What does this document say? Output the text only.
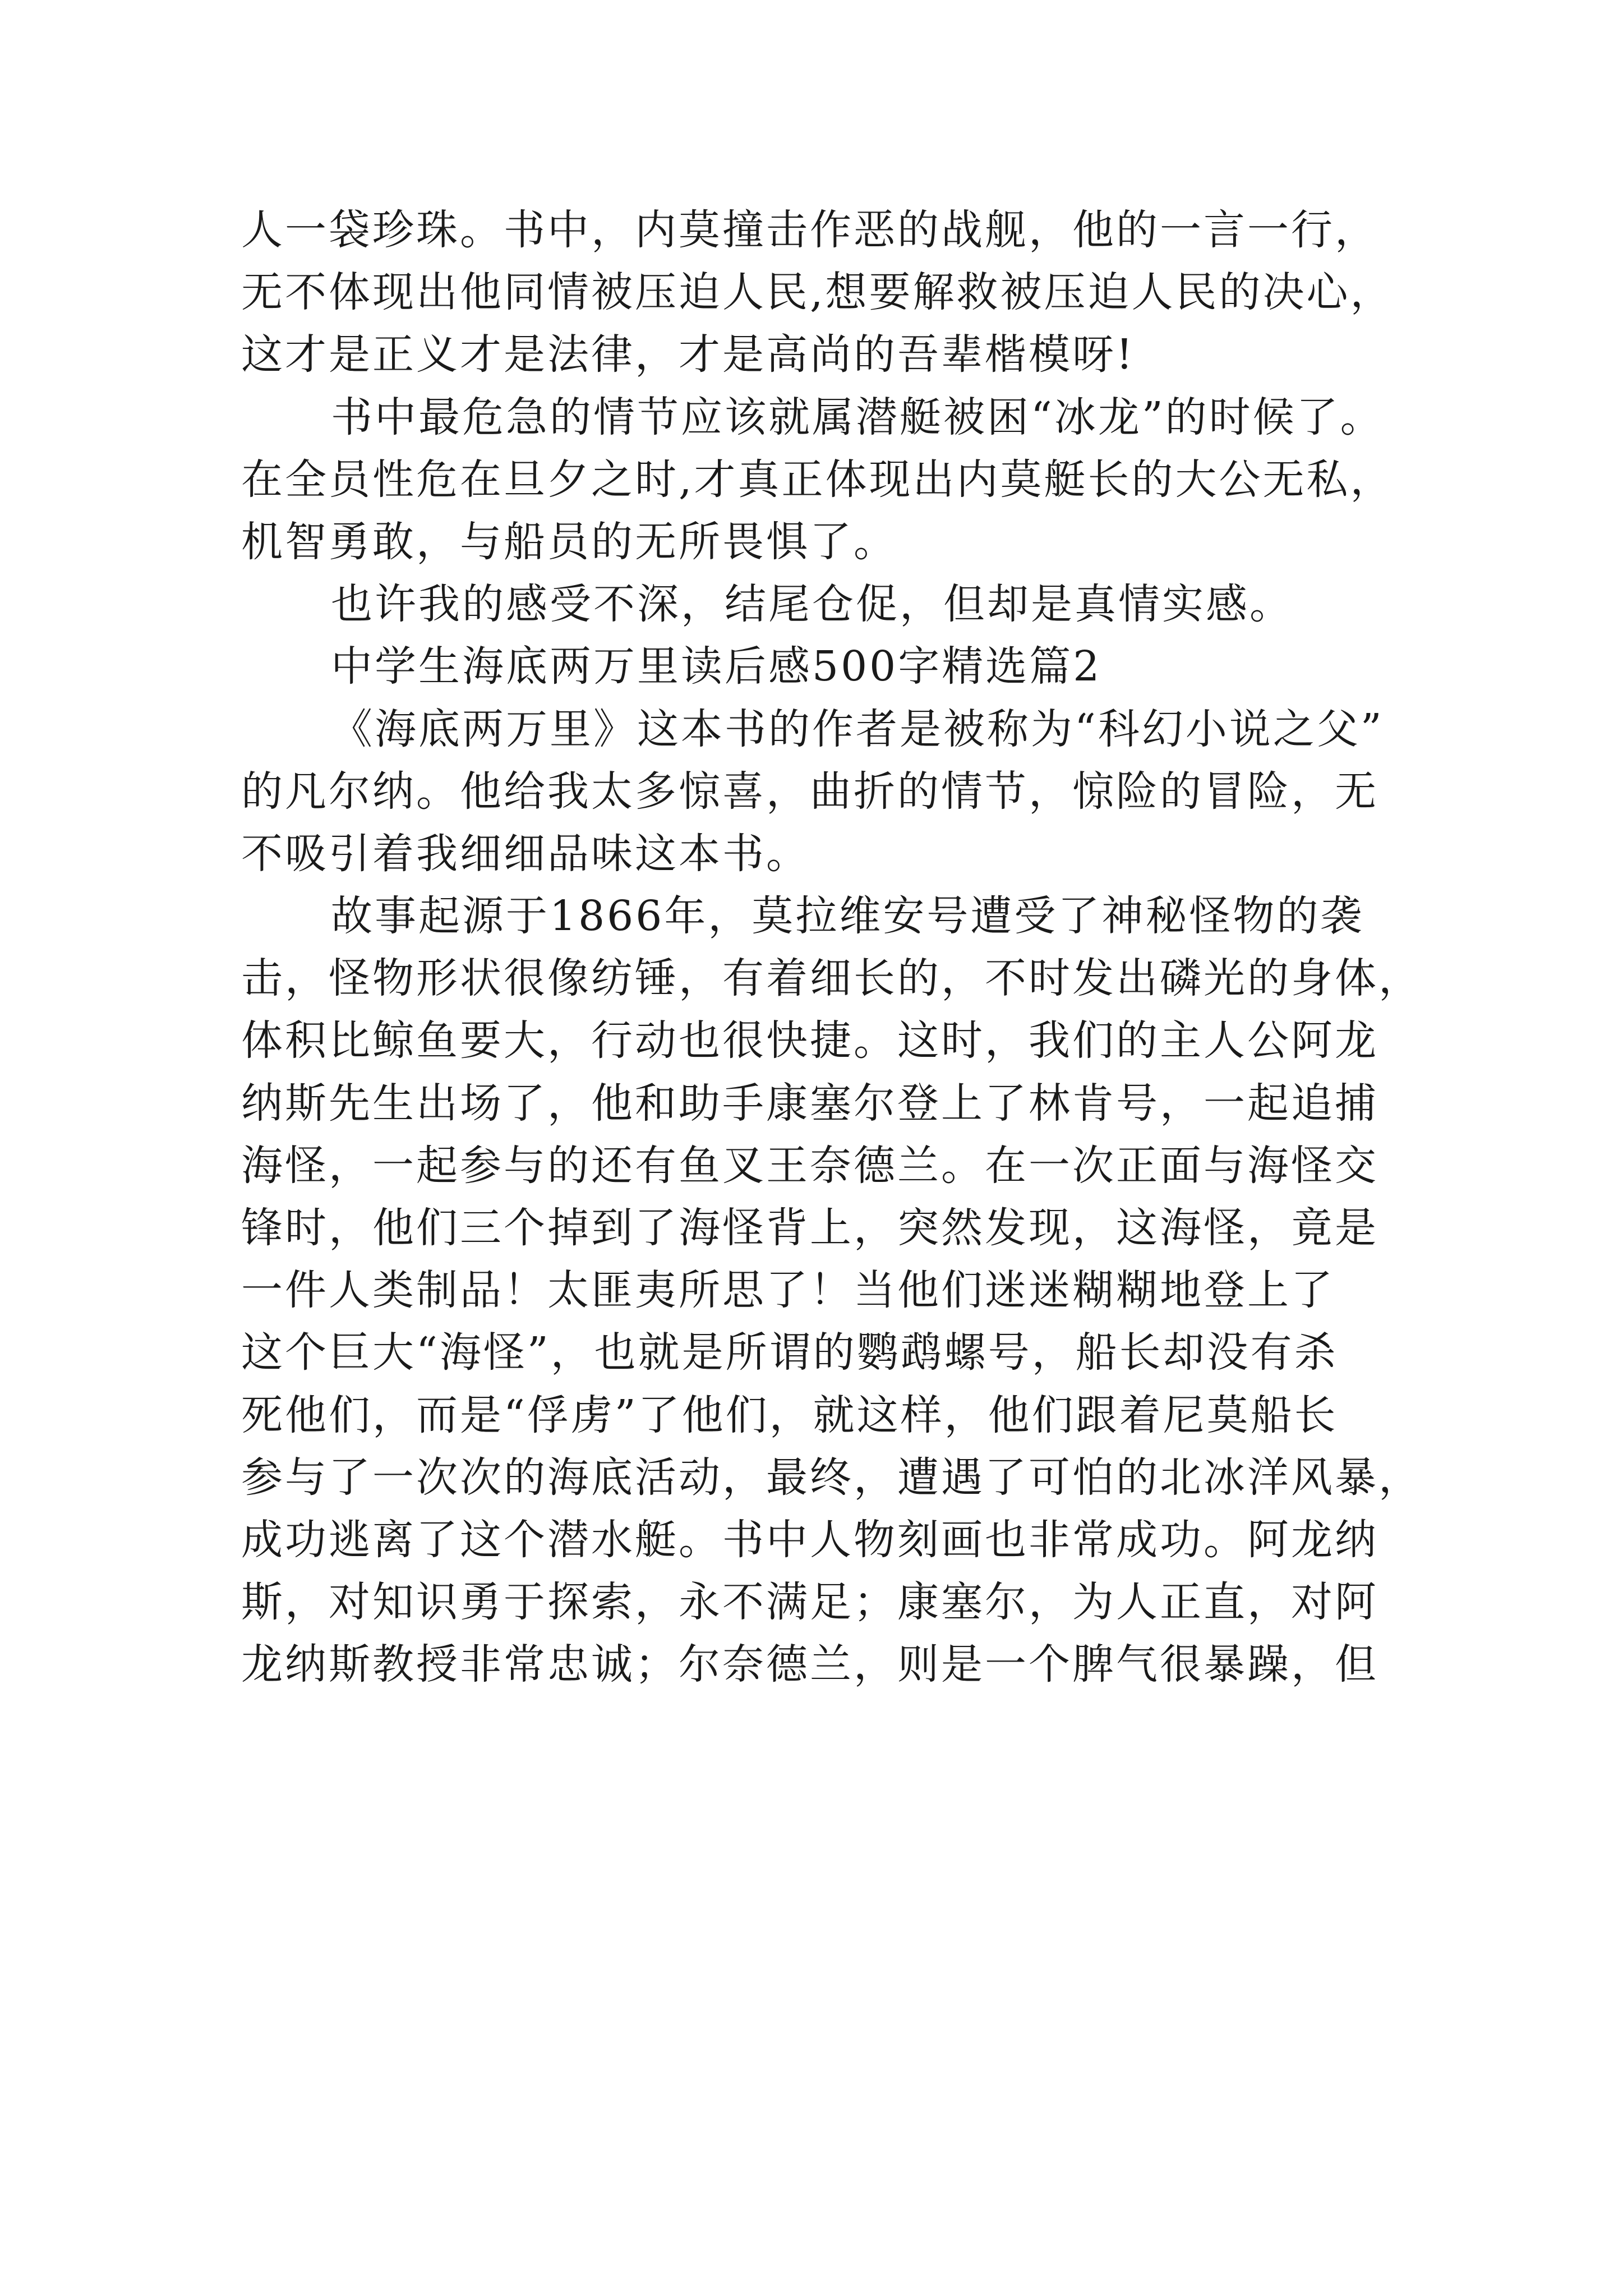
人一袋珍珠。书中，内莫撞击作恶的战舰，他的一言一行，
无不体现出他同情被压迫人民,想要解救被压迫人民的决心，
这才是正义才是法律，才是高尚的吾辈楷模呀!
书中最危急的情节应该就属潜艇被困“冰龙”的时候了。
在全员性危在旦夕之时,才真正体现出内莫艇长的大公无私，
机智勇敢，与船员的无所畏惧了。
也许我的感受不深，结尾仓促，但却是真情实感。
中学生海底两万里读后感500字精选篇2
《海底两万里》这本书的作者是被称为“科幻小说之父”
的凡尔纳。他给我太多惊喜，曲折的情节，惊险的冒险，无
不吸引着我细细品味这本书。
故事起源于1866年，莫拉维安号遭受了神秘怪物的袭
击，怪物形状很像纺锤，有着细长的，不时发出磷光的身体，
体积比鲸鱼要大，行动也很快捷。这时，我们的主人公阿龙
纳斯先生出场了，他和助手康塞尔登上了林肯号，一起追捕
海怪，一起参与的还有鱼叉王奈德兰。在一次正面与海怪交
锋时，他们三个掉到了海怪背上，突然发现，这海怪，竟是
一件人类制品！太匪夷所思了！当他们迷迷糊糊地登上了
这个巨大“海怪”，也就是所谓的鹦鹉螺号，船长却没有杀
死他们，而是“俘虏”了他们，就这样，他们跟着尼莫船长
参与了一次次的海底活动，最终，遭遇了可怕的北冰洋风暴，
成功逃离了这个潜水艇。书中人物刻画也非常成功。阿龙纳
斯，对知识勇于探索，永不满足；康塞尔，为人正直，对阿
龙纳斯教授非常忠诚；尔奈德兰，则是一个脾气很暴躁，但
